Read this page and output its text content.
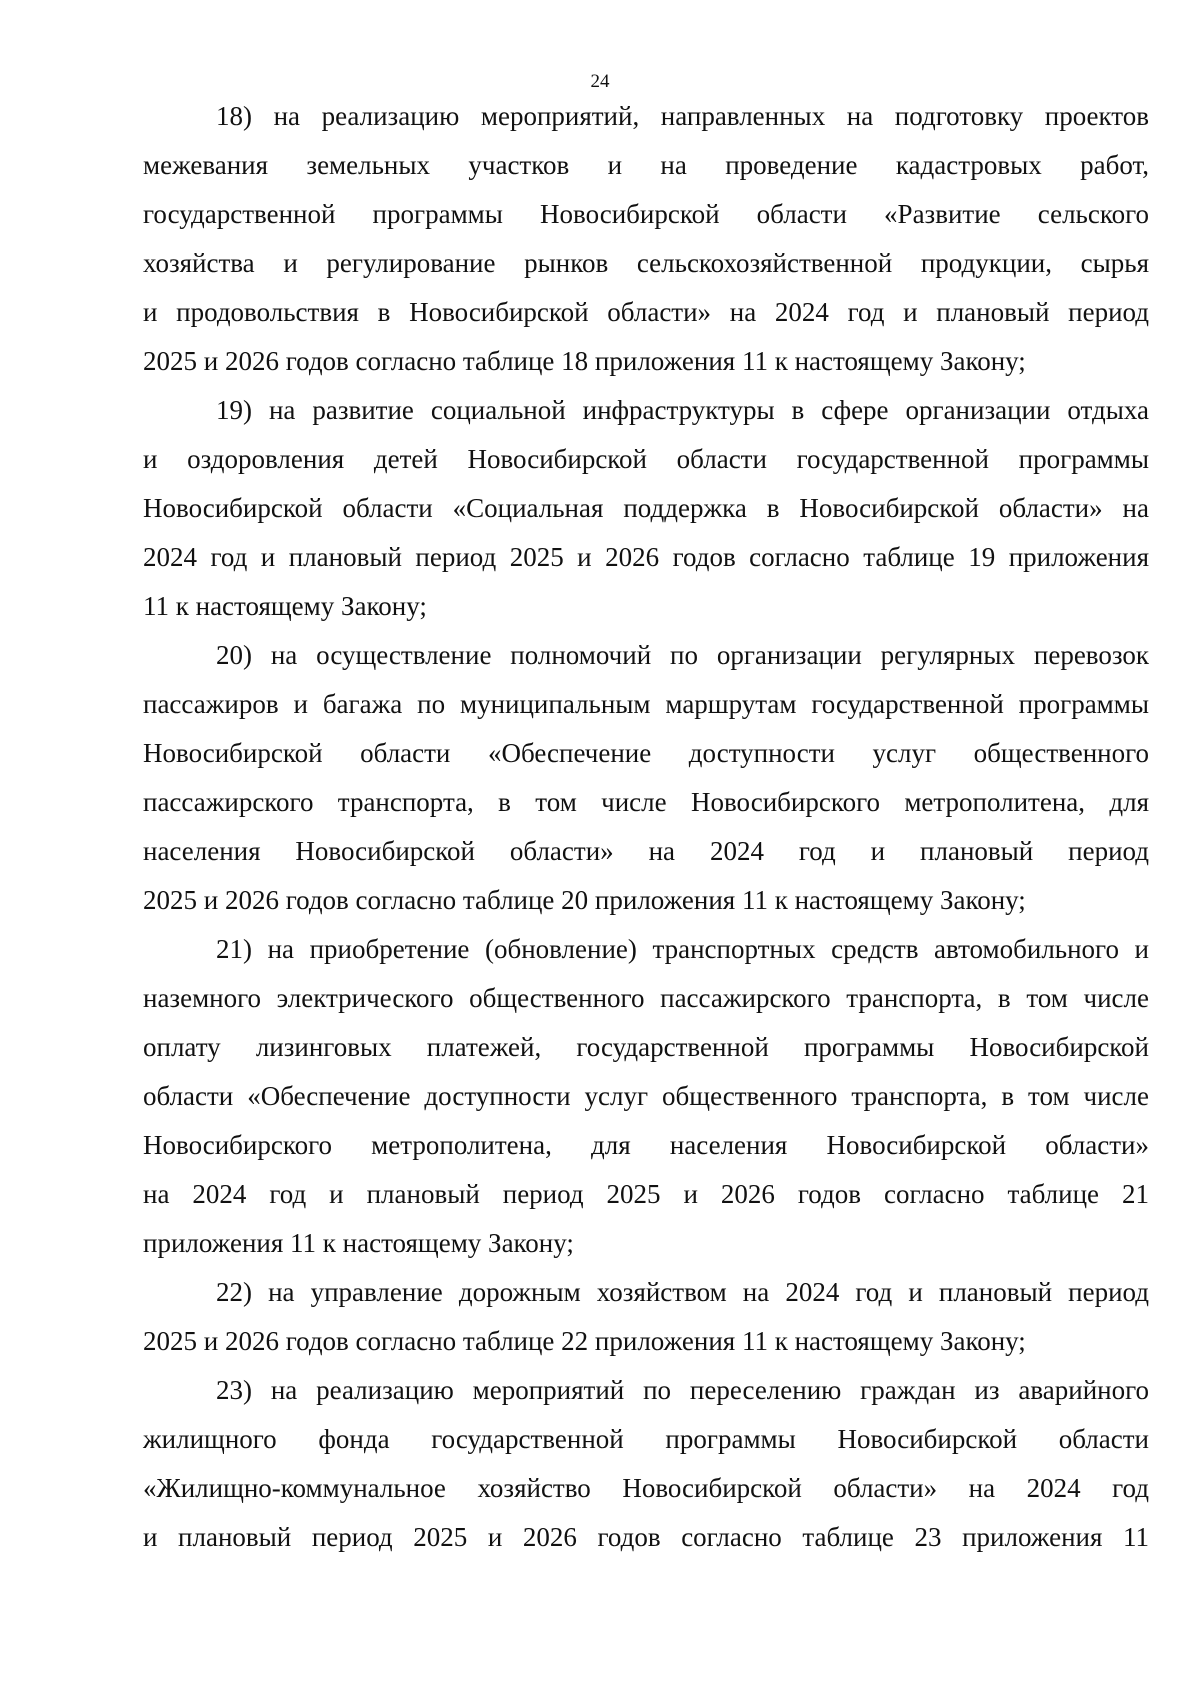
24

18) на реализацию мероприятий, направленных на подготовку проектов
межевания земельных участков и на проведение кадастровых работ,
государственной программы Новосибирской области «Развитие сельского
хозяйства и регулирование рынков сельскохозяйственной продукции, сырья
и продовольствия в Новосибирской области» на 2024 год и плановый период
2025 и 2026 годов согласно таблице 18 приложения 11 к настоящему Закону;

19) на развитие социальной инфраструктуры в сфере организации отдыха
и оздоровления детей Новосибирской области государственной программы
Новосибирской области «Социальная поддержка в Новосибирской области» на
2024 год и плановый период 2025 и 2026 годов согласно таблице 19 приложения
11 к настоящему Закону;

20) на осуществление полномочий по организации регулярных перевозок
пассажиров и багажа по муниципальным маршрутам государственной программы
Новосибирской области «Обеспечение доступности услуг общественного
пассажирского транспорта, в том числе Новосибирского метрополитена, для
населения Новосибирской области» на 2024 год и плановый период
2025 и 2026 годов согласно таблице 20 приложения 11 к настоящему Закону;

21) на приобретение (обновление) транспортных средств автомобильного и
наземного электрического общественного пассажирского транспорта, в том числе
оплату лизинговых платежей, государственной программы Новосибирской
области «Обеспечение доступности услуг общественного транспорта, в том числе
Новосибирского метрополитена, для населения Новосибирской области»
на 2024 год и плановый период 2025 и 2026 годов согласно таблице 21
приложения 11 к настоящему Закону;

22) на управление дорожным хозяйством на 2024 год и плановый период
2025 и 2026 годов согласно таблице 22 приложения 11 к настоящему Закону;

23) на реализацию мероприятий по переселению граждан из аварийного
жилищного фонда государственной программы Новосибирской области
«Жилищно-коммунальное хозяйство Новосибирской области» на 2024 год
и плановый период 2025 и 2026 годов согласно таблице 23 приложения 11
